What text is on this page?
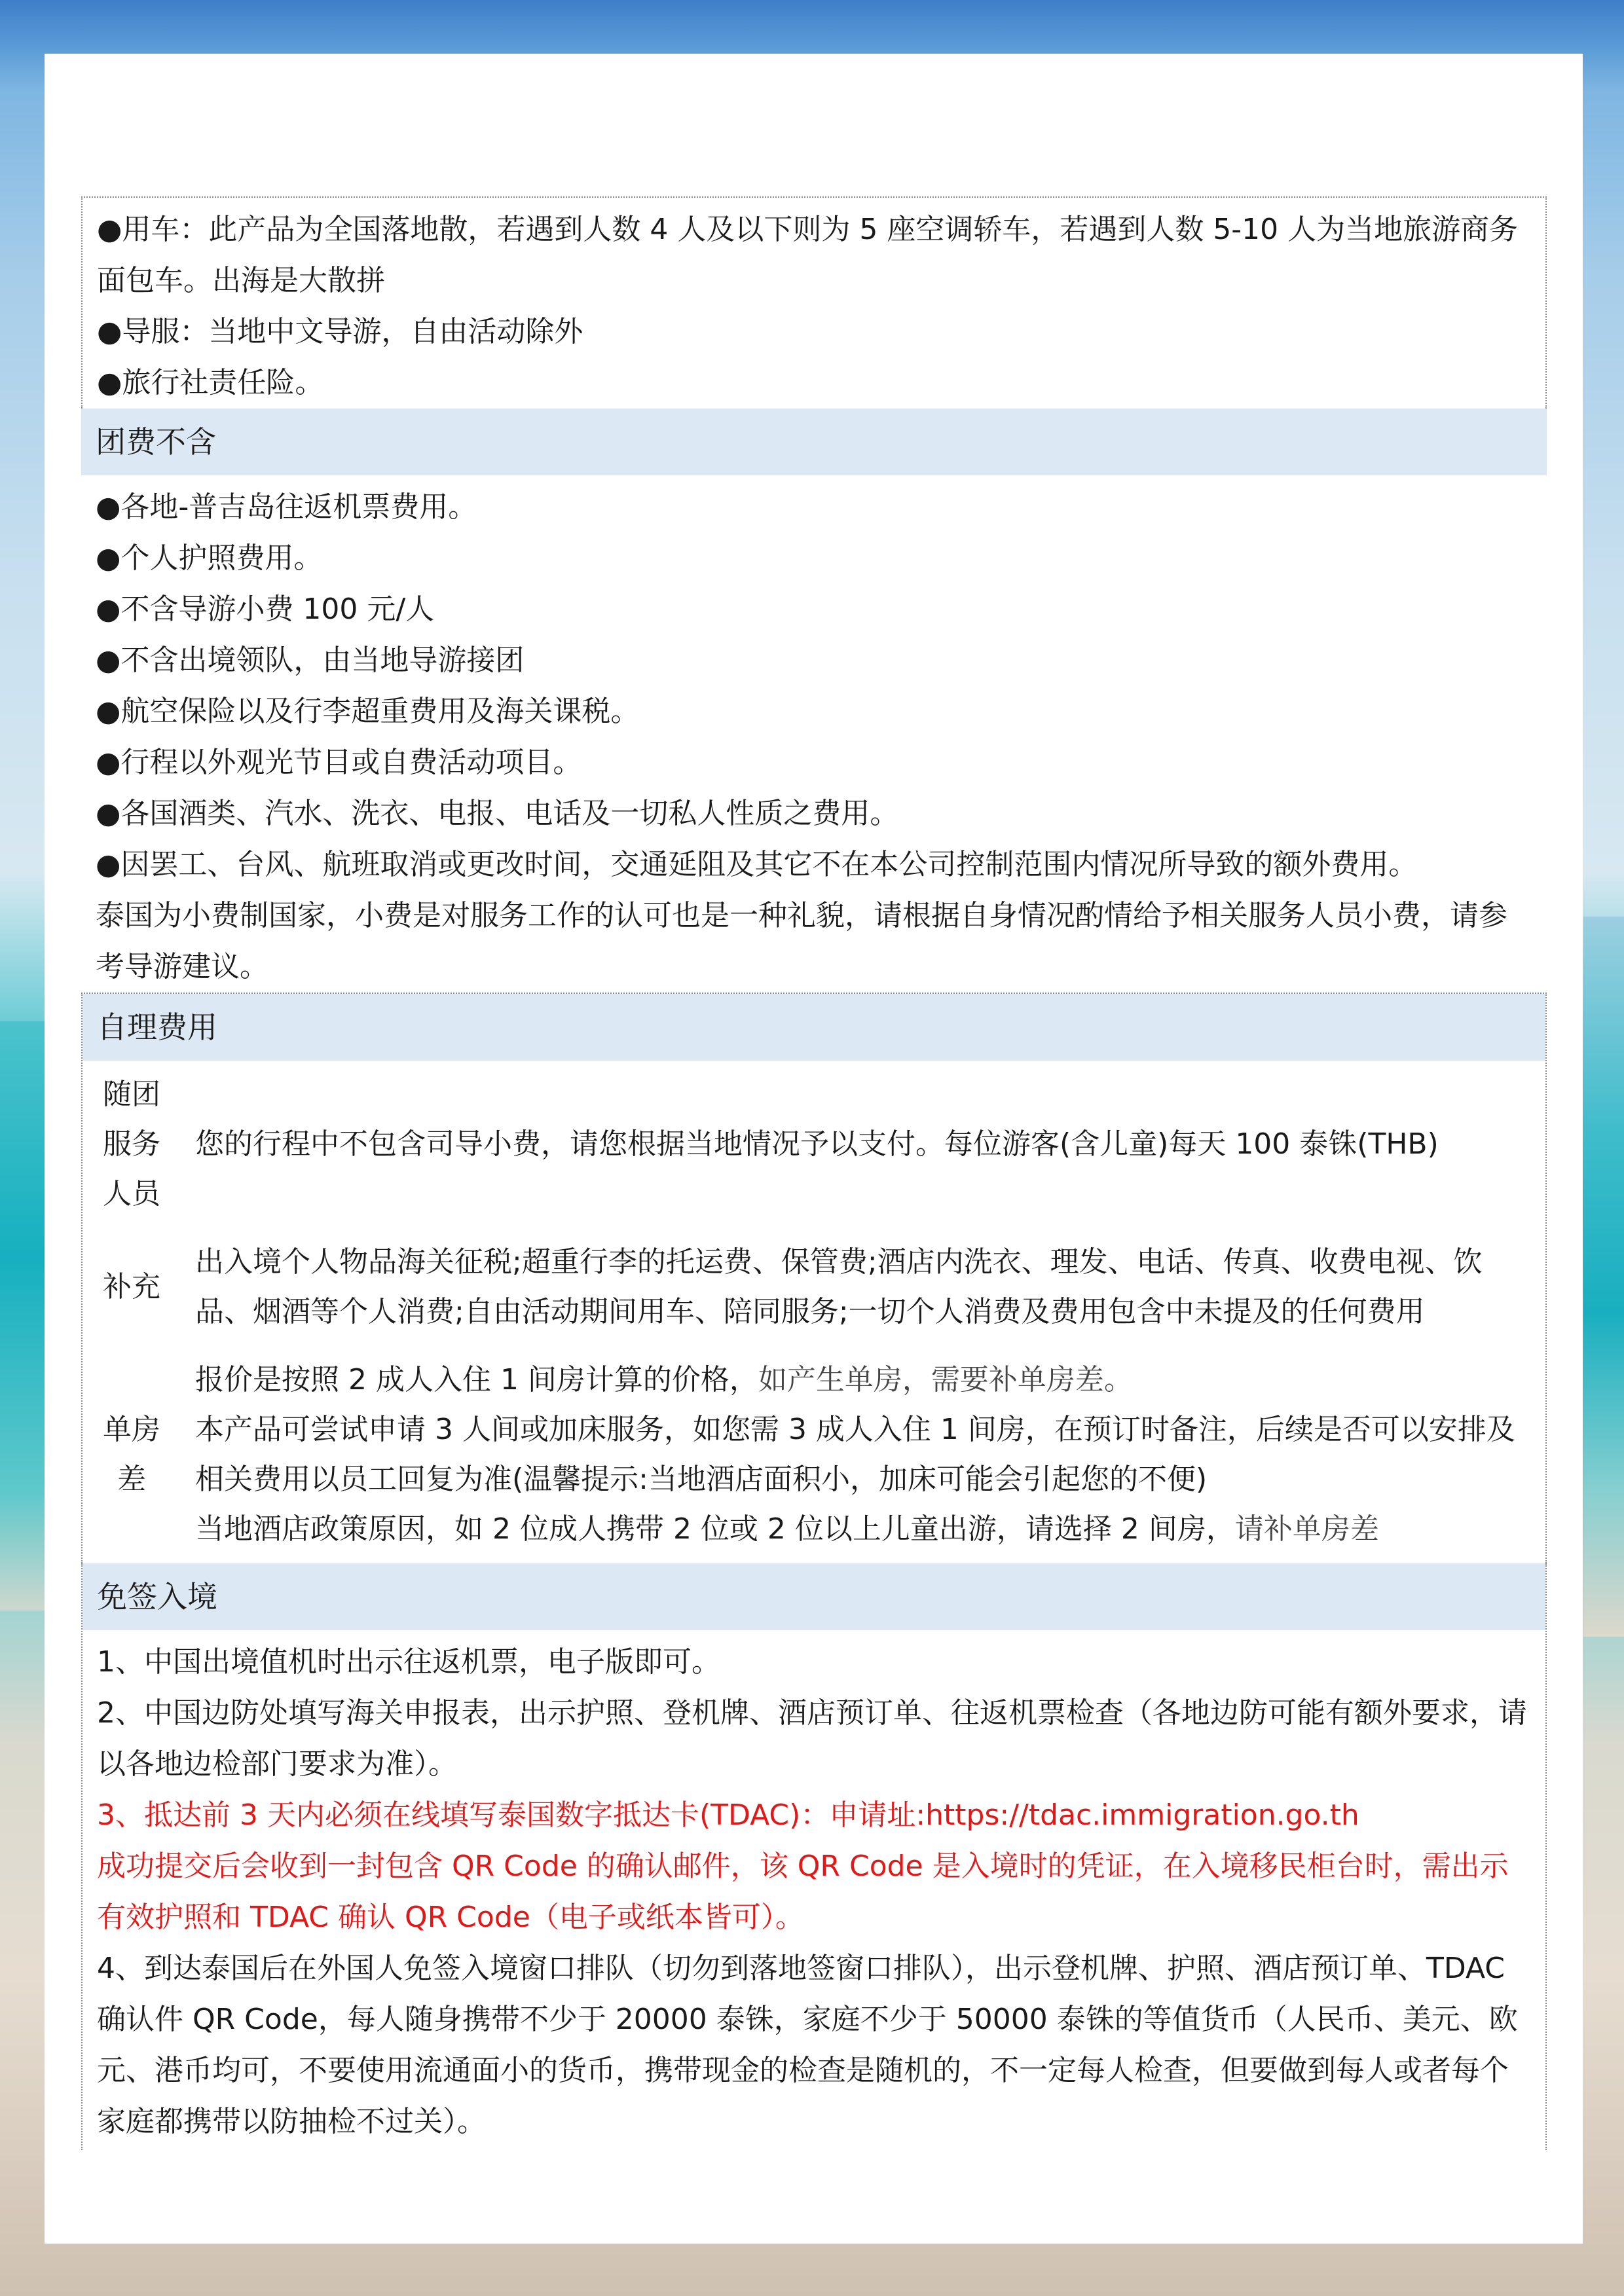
●用车：此产品为全国落地散，若遇到人数 4 人及以下则为 5 座空调轿车，若遇到人数 5-10 人为当地旅游商务面包车。出海是大散拼
●导服：当地中文导游，自由活动除外
●旅行社责任险。
团费不含
●各地-普吉岛往返机票费用。
●个人护照费用。
●不含导游小费 100 元/人
●不含出境领队，由当地导游接团
●航空保险以及行李超重费用及海关课税。
●行程以外观光节目或自费活动项目。
●各国酒类、汽水、洗衣、电报、电话及一切私人性质之费用。
●因罢工、台风、航班取消或更改时间，交通延阻及其它不在本公司控制范围内情况所导致的额外费用。
泰国为小费制国家，小费是对服务工作的认可也是一种礼貌，请根据自身情况酌情给予相关服务人员小费，请参考导游建议。
自理费用
随团服务人员	您的行程中不包含司导小费，请您根据当地情况予以支付。每位游客(含儿童)每天 100 泰铢(THB)
补充	出入境个人物品海关征税;超重行李的托运费、保管费;酒店内洗衣、理发、电话、传真、收费电视、饮品、烟酒等个人消费;自由活动期间用车、陪同服务;一切个人消费及费用包含中未提及的任何费用
单房差	报价是按照 2 成人入住 1 间房计算的价格，如产生单房，需要补单房差。
本产品可尝试申请 3 人间或加床服务，如您需 3 成人入住 1 间房，在预订时备注，后续是否可以安排及相关费用以员工回复为准(温馨提示:当地酒店面积小，加床可能会引起您的不便)
当地酒店政策原因，如 2 位成人携带 2 位或 2 位以上儿童出游，请选择 2 间房，请补单房差
免签入境
1、中国出境值机时出示往返机票，电子版即可。
2、中国边防处填写海关申报表，出示护照、登机牌、酒店预订单、往返机票检查（各地边防可能有额外要求，请以各地边检部门要求为准）。
3、抵达前 3 天内必须在线填写泰国数字抵达卡(TDAC)：申请址:https://tdac.immigration.go.th
成功提交后会收到一封包含 QR Code 的确认邮件，该 QR Code 是入境时的凭证，在入境移民柜台时，需出示有效护照和 TDAC 确认 QR Code（电子或纸本皆可）。
4、到达泰国后在外国人免签入境窗口排队（切勿到落地签窗口排队），出示登机牌、护照、酒店预订单、TDAC 确认件 QR Code，每人随身携带不少于 20000 泰铢，家庭不少于 50000 泰铢的等值货币（人民币、美元、欧元、港币均可，不要使用流通面小的货币，携带现金的检查是随机的，不一定每人检查，但要做到每人或者每个家庭都携带以防抽检不过关）。
